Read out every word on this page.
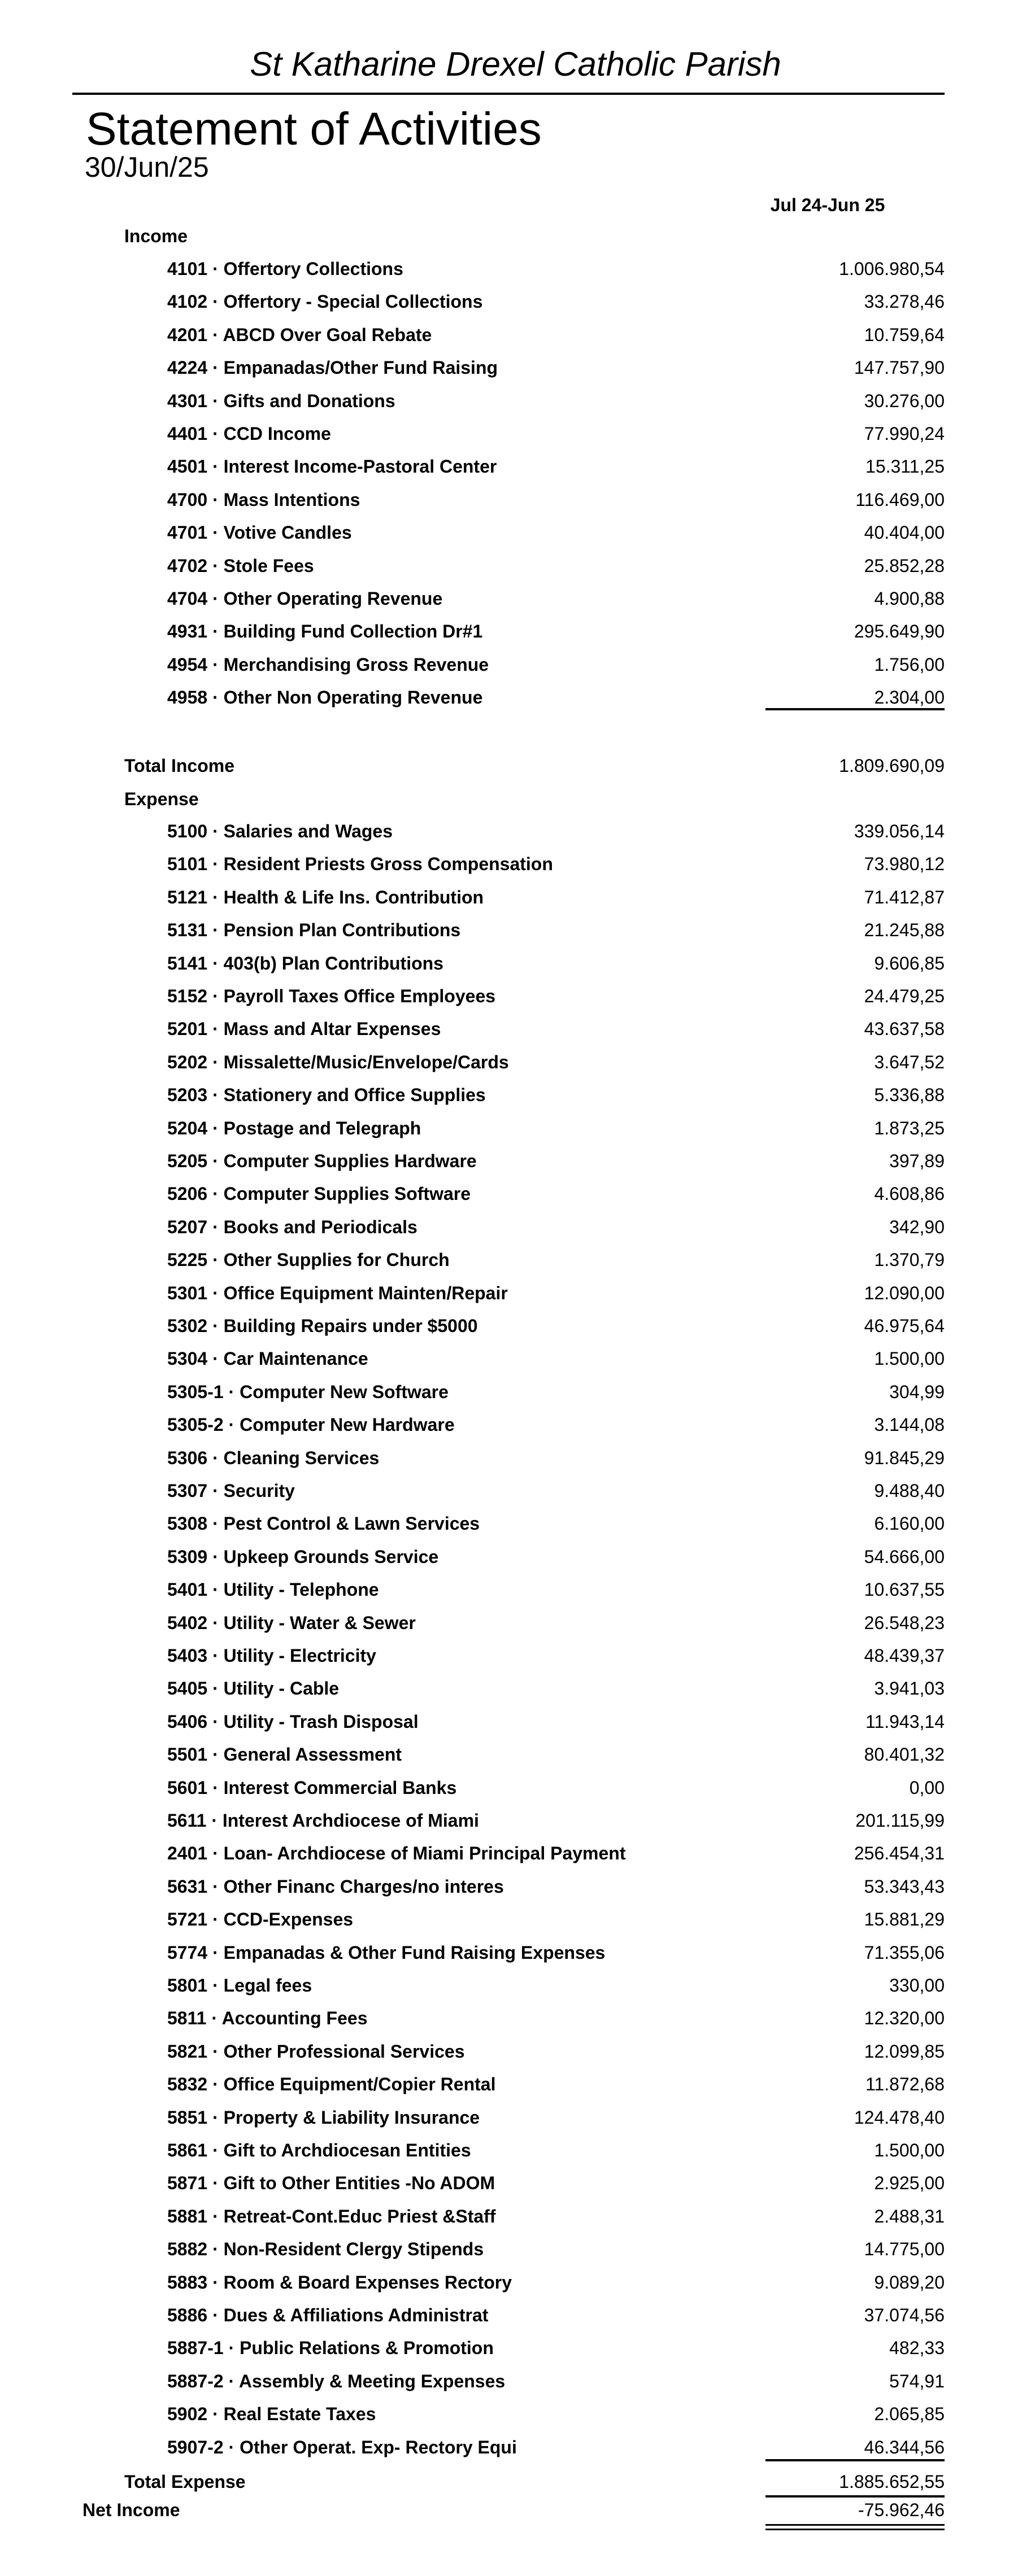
St Katharine Drexel Catholic Parish
Statement of Activities
30/Jun/25
Jul 24-Jun 25
Income
4101 · Offertory Collections	1.006.980,54
4102 · Offertory - Special Collections	33.278,46
4201 · ABCD Over Goal Rebate	10.759,64
4224 · Empanadas/Other Fund Raising	147.757,90
4301 · Gifts and Donations	30.276,00
4401 · CCD Income	77.990,24
4501 · Interest Income-Pastoral Center	15.311,25
4700 · Mass Intentions	116.469,00
4701 · Votive Candles	40.404,00
4702 · Stole Fees	25.852,28
4704 · Other Operating Revenue	4.900,88
4931 · Building Fund Collection Dr#1	295.649,90
4954 · Merchandising Gross Revenue	1.756,00
4958 · Other Non Operating Revenue	2.304,00
Total Income	1.809.690,09
Expense
5100 · Salaries and Wages	339.056,14
5101 · Resident Priests Gross Compensation	73.980,12
5121 · Health & Life Ins. Contribution	71.412,87
5131 · Pension Plan Contributions	21.245,88
5141 · 403(b) Plan Contributions	9.606,85
5152 · Payroll Taxes Office Employees	24.479,25
5201 · Mass and Altar Expenses	43.637,58
5202 · Missalette/Music/Envelope/Cards	3.647,52
5203 · Stationery and Office Supplies	5.336,88
5204 · Postage and Telegraph	1.873,25
5205 · Computer Supplies Hardware	397,89
5206 · Computer Supplies Software	4.608,86
5207 · Books and Periodicals	342,90
5225 · Other Supplies for Church	1.370,79
5301 · Office Equipment Mainten/Repair	12.090,00
5302 · Building Repairs under $5000	46.975,64
5304 · Car Maintenance	1.500,00
5305-1 · Computer New Software	304,99
5305-2 · Computer New Hardware	3.144,08
5306 · Cleaning Services	91.845,29
5307 · Security	9.488,40
5308 · Pest Control & Lawn Services	6.160,00
5309 · Upkeep Grounds Service	54.666,00
5401 · Utility - Telephone	10.637,55
5402 · Utility - Water & Sewer	26.548,23
5403 · Utility - Electricity	48.439,37
5405 · Utility - Cable	3.941,03
5406 · Utility - Trash Disposal	11.943,14
5501 · General Assessment	80.401,32
5601 · Interest Commercial Banks	0,00
5611 · Interest Archdiocese of Miami	201.115,99
2401 · Loan- Archdiocese of Miami Principal Payment	256.454,31
5631 · Other Financ Charges/no interes	53.343,43
5721 · CCD-Expenses	15.881,29
5774 · Empanadas & Other Fund Raising Expenses	71.355,06
5801 · Legal fees	330,00
5811 · Accounting Fees	12.320,00
5821 · Other Professional Services	12.099,85
5832 · Office Equipment/Copier Rental	11.872,68
5851 · Property & Liability Insurance	124.478,40
5861 · Gift to Archdiocesan Entities	1.500,00
5871 · Gift to Other Entities -No ADOM	2.925,00
5881 · Retreat-Cont.Educ Priest &Staff	2.488,31
5882 · Non-Resident Clergy Stipends	14.775,00
5883 · Room & Board Expenses Rectory	9.089,20
5886 · Dues & Affiliations Administrat	37.074,56
5887-1 · Public Relations & Promotion	482,33
5887-2 · Assembly & Meeting Expenses	574,91
5902 · Real Estate Taxes	2.065,85
5907-2 · Other Operat. Exp- Rectory Equi	46.344,56
Total Expense	1.885.652,55
Net Income	-75.962,46
